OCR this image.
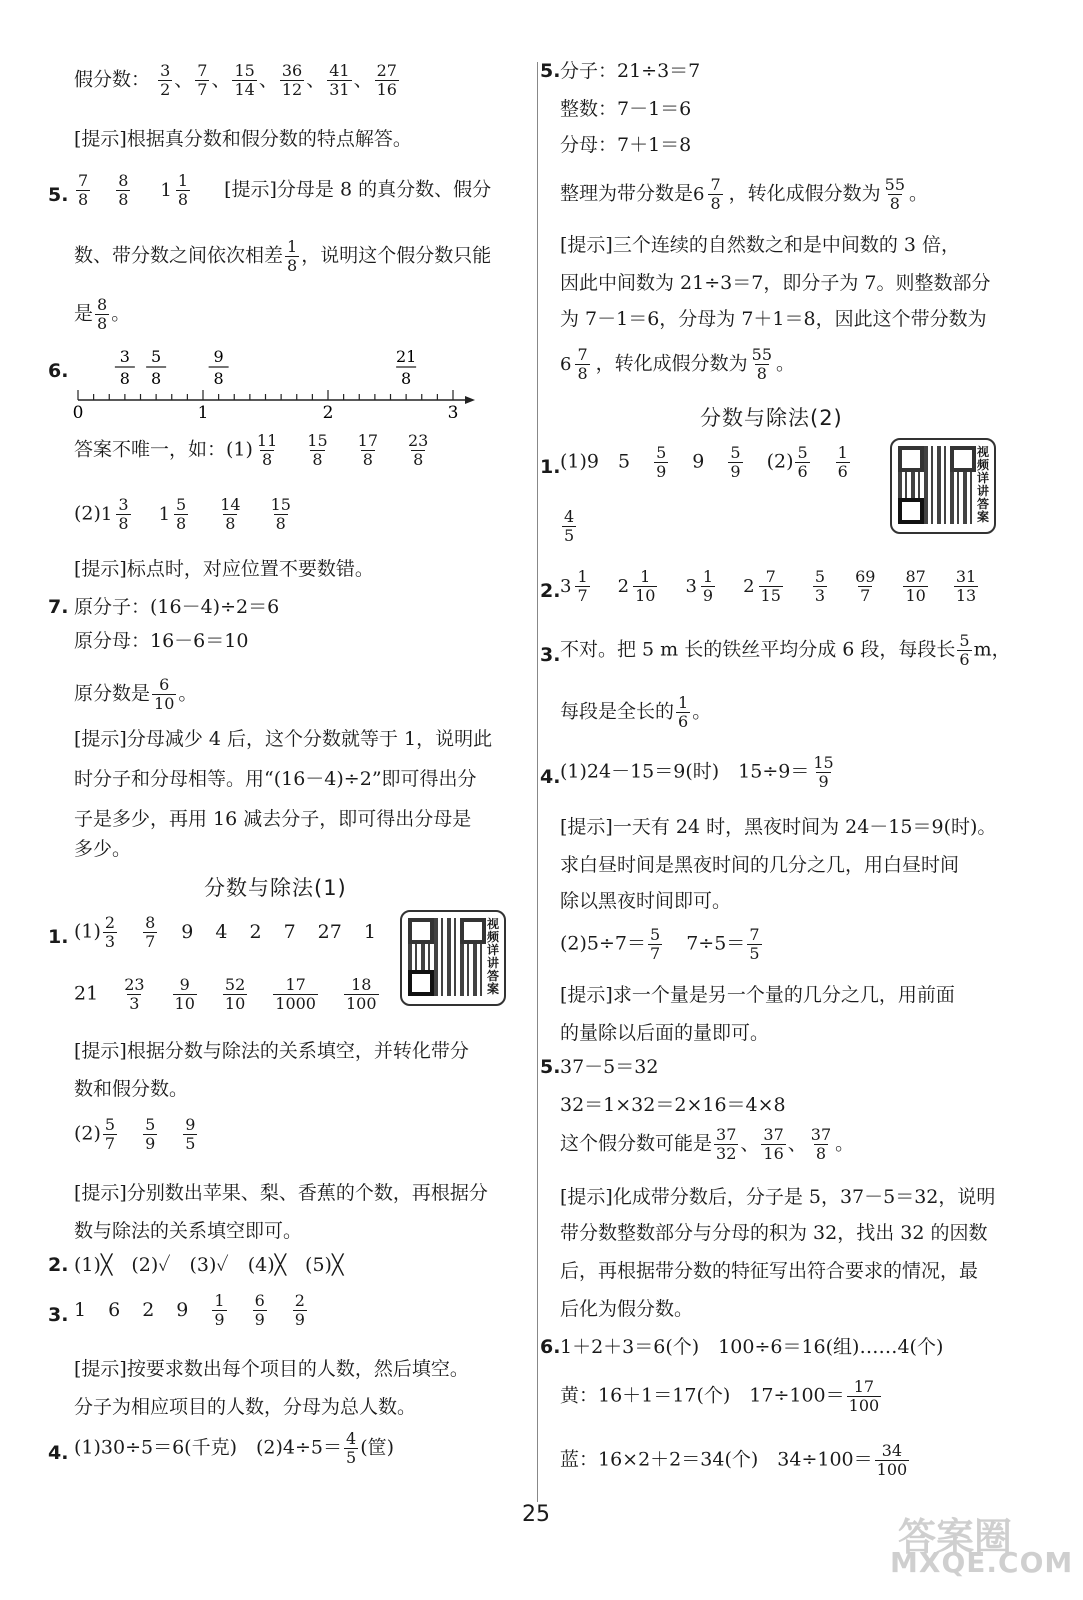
假分数： $\frac{3}{2}$ 、 $\frac{7}{7}$ 、 $\frac{15}{14}$ 、 $\frac{36}{12}$ 、 $\frac{41}{31}$ 、 $\frac{27}{16}$
[提示]根据真分数和假分数的特点解答。
5. $\frac{7}{8} \frac{8}{8}$
$1 \frac{1}{8}$ [提示]分母是 8 的真分数、假分
数、带分数之间依次相差 $\frac{1}{8}$ ，说明这个假分数只能
是 $\frac{8}{8}$ 。
6.
0	1	2	3
3
8
5
8
9
8
21
8
答案不唯一，如：$(1) \frac{11}{8} \frac{15}{8} \frac{17}{8} \frac{23}{8}$
(2) $1 \frac{3}{8} 1 \frac{5}{8} \frac{14}{8} \frac{15}{8}$
[提示]标点时，对应位置不要数错。
7. 原分子：(16－4)÷2＝6
原分母：16－6＝10
原分数是 $\frac{6}{10}$ 。
[提示]分母减少 4 后，这个分数就等于 1，说明此
时分子和分母相等。用“(16－4)÷2”即可得出分
子是多少，再用 16 减去分子，即可得出分母是
多少。
分数与除法(1)
视频详讲答案
1. $(1) \frac{2}{3} \frac{8}{7} 9$ 4 2 7 27 1
$21 \frac{23}{3} \frac{9}{10} \frac{52}{10} \frac{17}{1000} \frac{18}{100}$
[提示]根据分数与除法的关系填空，并转化带分
数和假分数。
$(2) \frac{5}{7} \frac{5}{9} \frac{9}{5}$
[提示]分别数出苹果、梨、香蕉的个数，再根据分
数与除法的关系填空即可。
2. (1)╳　(2)✓　(3)✓　(4)╳　(5)╳
3. 1 6 2 $9 \frac{1}{9} \frac{6}{9} \frac{2}{9}$
[提示]按要求数出每个项目的人数，然后填空。
分子为相应项目的人数，分母为总人数。
4. (1)30÷5＝6(千克)　$(2)4\div 5= \frac{4}{5}$ (筐)
5. 分子：21÷3＝7
整数：7－1＝6
分母：7＋1＝8
整理为带分数是 $6 \frac{7}{8}$ ，转化成假分数为 $\frac{55}{8}$ 。
[提示]三个连续的自然数之和是中间数的 3 倍，
因此中间数为 21÷3＝7，即分子为 7。则整数部分
为 7－1＝6，分母为 7＋1＝8，因此这个带分数为
$6 \frac{7}{8}$ ，转化成假分数为 $\frac{55}{8}$ 。
分数与除法(2)
视频详讲答案
1. (1)9　$5 \frac{5}{9} 9 \frac{5}{9} (2) \frac{5}{6} \frac{1}{6}$
$\frac{4}{5}$
2. $3 \frac{1}{7} 2 \frac{1}{10} 3 \frac{1}{9} 2 \frac{7}{15} \frac{5}{3} \frac{69}{7} \frac{87}{10} \frac{31}{13}$
3. 不对。把 5 m 长的铁丝平均分成 6 段，每段长 $\frac{5}{6}$ m，
每段是全长的 $\frac{1}{6}$ 。
4. (1)24－15＝9(时)　$15\div 9= \frac{15}{9}$
[提示]一天有 24 时，黑夜时间为 24－15＝9(时)。
求白昼时间是黑夜时间的几分之几，用白昼时间
除以黑夜时间即可。
$(2)5\div 7= \frac{5}{7} 7\div 5= \frac{7}{5}$
[提示]求一个量是另一个量的几分之几，用前面
的量除以后面的量即可。
5. 37－5＝32
32＝1×32＝2×16＝4×8
这个假分数可能是 $\frac{37}{32}$ 、 $\frac{37}{16}$ 、 $\frac{37}{8}$ 。
[提示]化成带分数后，分子是 5，37－5＝32，说明
带分数整数部分与分母的积为 32，找出 32 的因数
后，再根据带分数的特征写出符合要求的情况，最
后化为假分数。
6. 1＋2＋3＝6(个)　100÷6＝16(组)……4(个)
黄：16＋1＝17(个)　$17\div 100= \frac{17}{100}$
蓝：16×2＋2＝34(个)　$34\div 100= \frac{34}{100}$
25
答案圈
MXQE.COM
